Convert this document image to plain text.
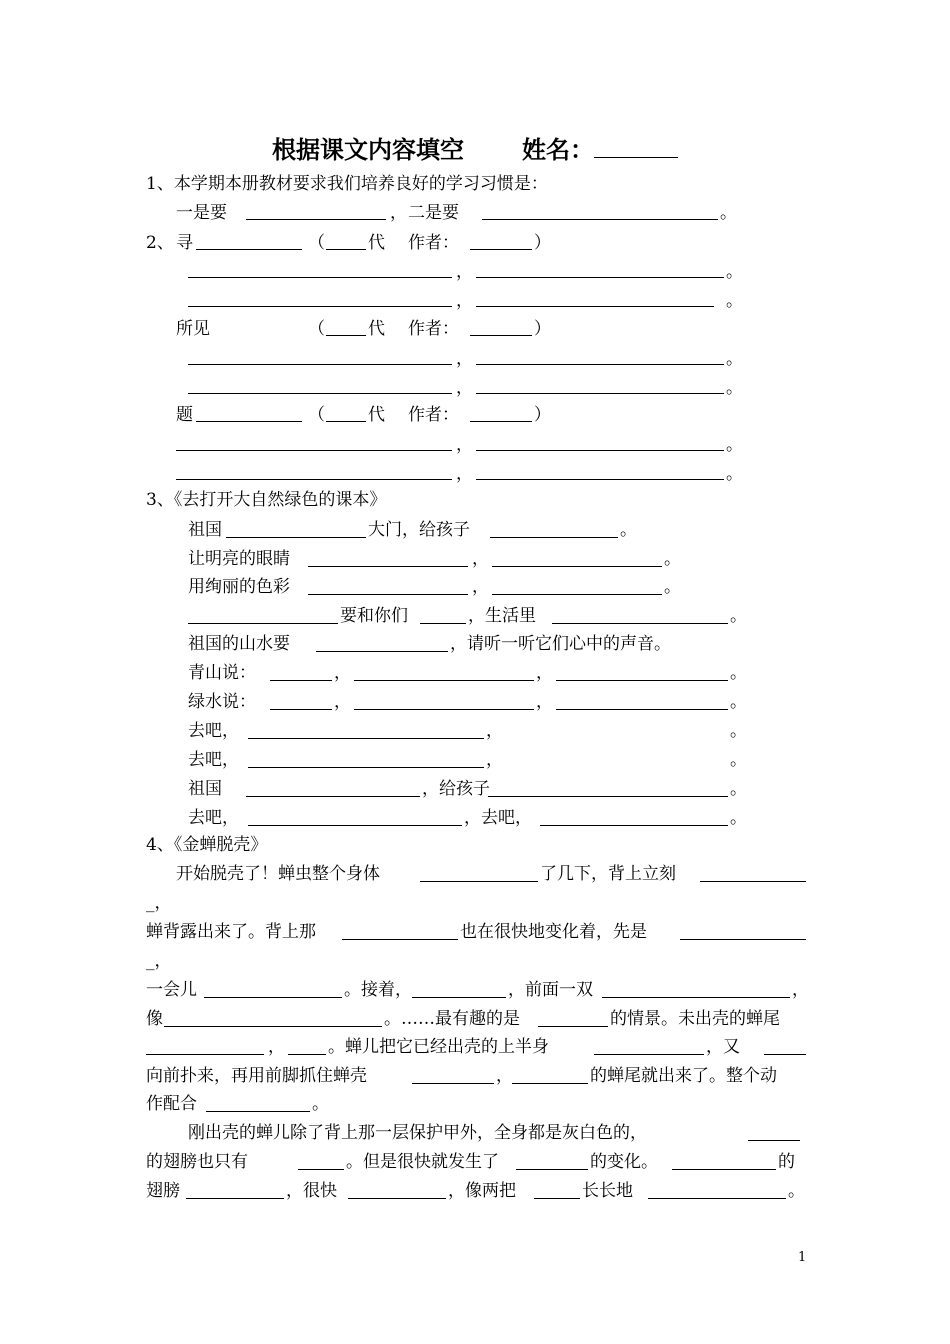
根据课文内容填空 姓名：
1、本学期本册教材要求我们培养良好的学习习惯是：
一是要	， 二是要	。
2、 寻	（	代 作者：	）
，	。
，	。
所见	（	代 作者：	）
，	。
，	。
题	（	代 作者：	）
，	。
，	。
3、《去打开大自然绿色的课本》
祖国	大门，给孩子	。
让明亮的眼睛	，	。
用绚丽的色彩	，	。
要和你们	，生活里	。
祖国的山水要	，请听一听它们心中的声音。
青山说：	，	，	。
绿水说：	，	，	。
去吧，	，	。
去吧，	，	。
祖国	，给孩子	。
去吧，	，去吧，	。
4、《金蝉脱壳》
开始脱壳了！蝉虫整个身体	了几下，背上立刻
_，
蝉背露出来了。背上那	也在很快地变化着，先是
_，
一会儿	。接着，	，前面一双	，
像	。……最有趣的是	的情景。未出壳的蝉尾
，	。蝉儿把它已经出壳的上半身	，又
向前扑来，再用前脚抓住蝉壳	，	的蝉尾就出来了。整个动
作配合	。
刚出壳的蝉儿除了背上那一层保护甲外，全身都是灰白色的，
的翅膀也只有	。但是很快就发生了	的变化。	的
翅膀	，很快	，像两把	长长地	。
1
